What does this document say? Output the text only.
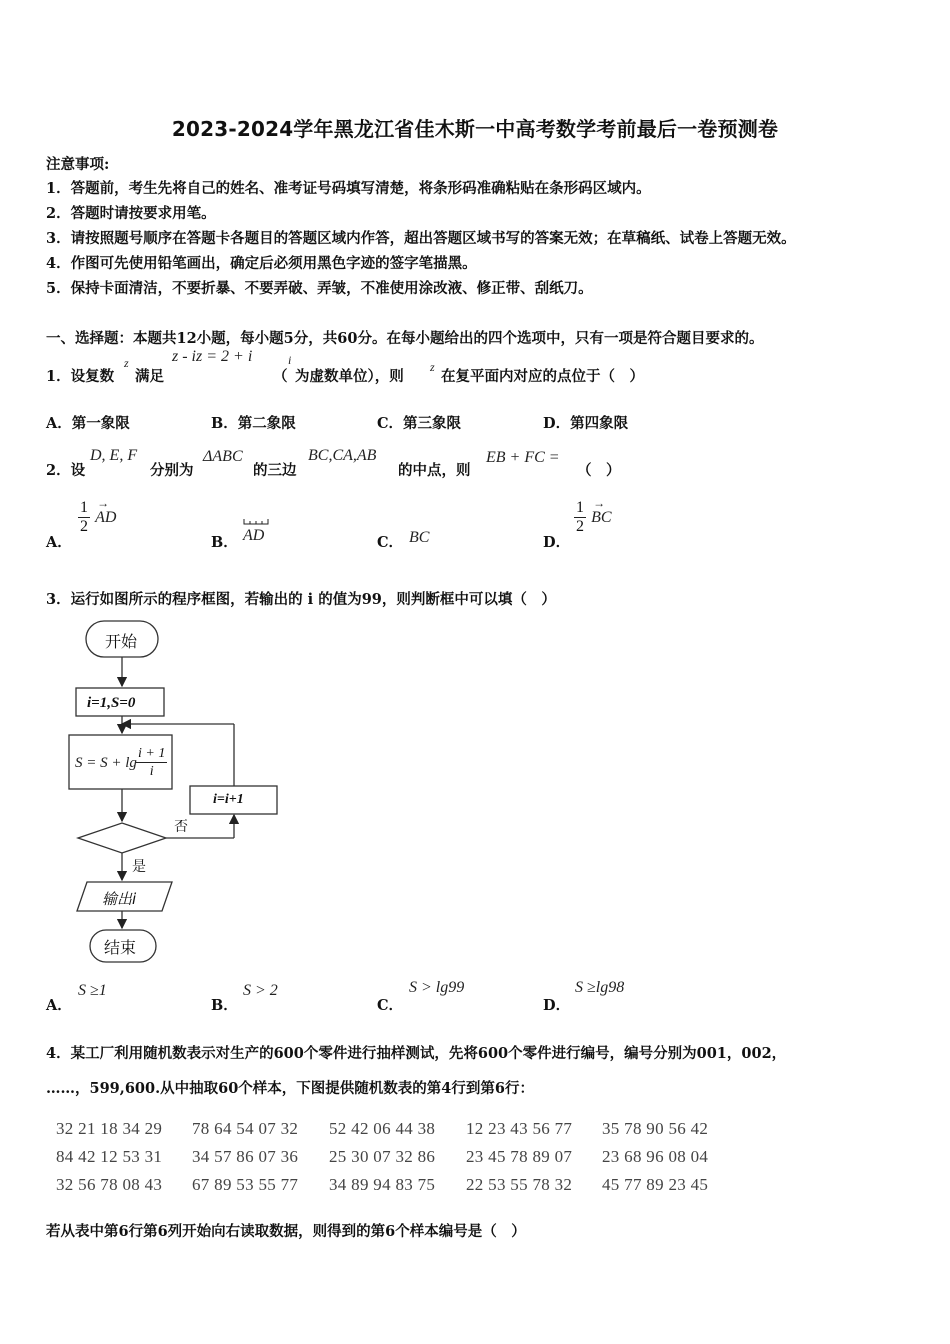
2023-2024学年黑龙江省佳木斯一中高考数学考前最后一卷预测卷
注意事项:
1．答题前，考生先将自己的姓名、准考证号码填写清楚，将条形码准确粘贴在条形码区域内。
2．答题时请按要求用笔。
3．请按照题号顺序在答题卡各题目的答题区域内作答，超出答题区域书写的答案无效；在草稿纸、试卷上答题无效。
4．作图可先使用铅笔画出，确定后必须用黑色字迹的签字笔描黑。
5．保持卡面清洁，不要折暴、不要弄破、弄皱，不准使用涂改液、修正带、刮纸刀。
一、选择题：本题共12小题，每小题5分，共60分。在每小题给出的四个选项中，只有一项是符合题目要求的。
1．设复数
z
满足
z - iz = 2 + i
（
i
为虚数单位），则
z
在复平面内对应的点位于（　）
A．第一象限	B．第二象限	C．第三象限	D．第四象限
2．设
D, E, F
分别为
ΔABC
的三边
BC,CA,AB
的中点，则
EB + FC =
（　）
A．
$\frac{1}{2}$ →
AD
B． AD	C． BC	D．
$\frac{1}{2}$ →
BC
3．运行如图所示的程序框图，若输出的 i 的值为99，则判断框中可以填（　）
开始
i=1,S=0
$S = S + \lg \frac{i + 1}{i}$
i=i+1
否
是
输出i
结束
A．
S ≥1
B．
S > 2
C．
S > lg99
D．
S ≥lg98
4．某工厂利用随机数表示对生产的600个零件进行抽样测试，先将600个零件进行编号，编号分别为001，002，
……，599,600.从中抽取60个样本，下图提供随机数表的第4行到第6行：
32 21 18 34 29 78 64 54 07 32 52 42 06 44 38 12 23 43 56 77 35 78 90 56 42
84 42 12 53 31 34 57 86 07 36 25 30 07 32 86 23 45 78 89 07 23 68 96 08 04
32 56 78 08 43 67 89 53 55 77 34 89 94 83 75 22 53 55 78 32 45 77 89 23 45
若从表中第6行第6列开始向右读取数据，则得到的第6个样本编号是（　）
